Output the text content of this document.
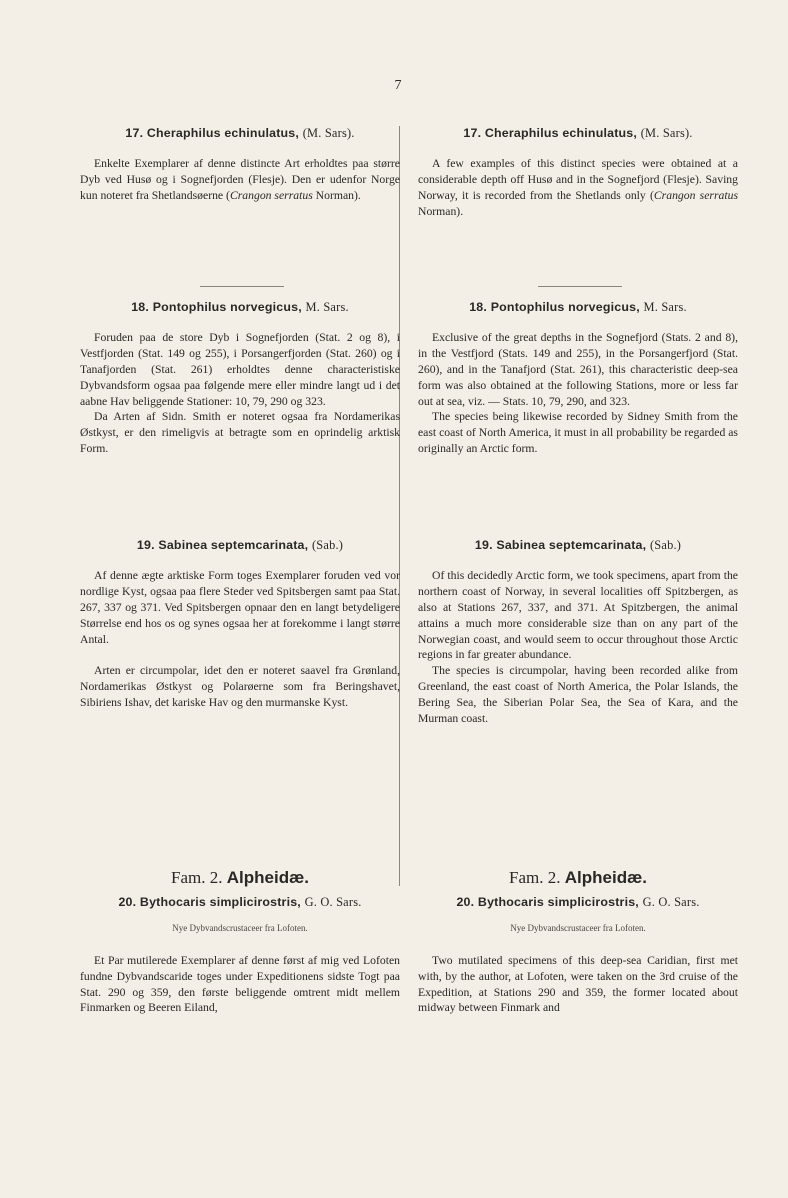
7
17. Cheraphilus echinulatus, (M. Sars).

Enkelte Exemplarer af denne distincte Art erholdtes paa større Dyb ved Husø og i Sognefjorden (Flesje). Den er udenfor Norge kun noteret fra Shetlandsøerne (Crangon serratus Norman).

18. Pontophilus norvegicus, M. Sars.

Foruden paa de store Dyb i Sognefjorden (Stat. 2 og 8), i Vestfjorden (Stat. 149 og 255), i Porsangerfjorden (Stat. 260) og i Tanafjorden (Stat. 261) erholdtes denne characteristiske Dybvandsform ogsaa paa følgende mere eller mindre langt ud i det aabne Hav beliggende Stationer: 10, 79, 290 og 323.

Da Arten af Sidn. Smith er noteret ogsaa fra Nordamerikas Østkyst, er den rimeligvis at betragte som en oprindelig arktisk Form.

19. Sabinea septemcarinata, (Sab.)

Af denne ægte arktiske Form toges Exemplarer foruden ved vor nordlige Kyst, ogsaa paa flere Steder ved Spitsbergen samt paa Stat. 267, 337 og 371. Ved Spitsbergen opnaar den en langt betydeligere Størrelse end hos os og synes ogsaa her at forekomme i langt større Antal.

Arten er circumpolar, idet den er noteret saavel fra Grønland, Nordamerikas Østkyst og Polarøerne som fra Beringshavet, Sibiriens Ishav, det kariske Hav og den murmanske Kyst.

Fam. 2. Alpheidæ.
20. Bythocaris simplicirostris, G. O. Sars.
Nye Dybvandscrustaceer fra Lofoten.

Et Par mutilerede Exemplarer af denne først af mig ved Lofoten fundne Dybvandscaride toges under Expeditionens sidste Togt paa Stat. 290 og 359, den første beliggende omtrent midt mellem Finmarken og Beeren Eiland,

17. Cheraphilus echinulatus, (M. Sars).

A few examples of this distinct species were obtained at a considerable depth off Husø and in the Sognefjord (Flesje). Saving Norway, it is recorded from the Shetlands only (Crangon serratus Norman).

18. Pontophilus norvegicus, M. Sars.

Exclusive of the great depths in the Sognefjord (Stats. 2 and 8), in the Vestfjord (Stats. 149 and 255), in the Porsangerfjord (Stat. 260), and in the Tanafjord (Stat. 261), this characteristic deep-sea form was also obtained at the following Stations, more or less far out at sea, viz. — Stats. 10, 79, 290, and 323.

The species being likewise recorded by Sidney Smith from the east coast of North America, it must in all probability be regarded as originally an Arctic form.

19. Sabinea septemcarinata, (Sab.)

Of this decidedly Arctic form, we took specimens, apart from the northern coast of Norway, in several localities off Spitzbergen, as also at Stations 267, 337, and 371. At Spitzbergen, the animal attains a much more considerable size than on any part of the Norwegian coast, and would seem to occur throughout those Arctic regions in far greater abundance.

The species is circumpolar, having been recorded alike from Greenland, the east coast of North America, the Polar Islands, the Bering Sea, the Siberian Polar Sea, the Sea of Kara, and the Murman coast.

Fam. 2. Alpheidæ.
20. Bythocaris simplicirostris, G. O. Sars.
Nye Dybvandscrustaceer fra Lofoten.

Two mutilated specimens of this deep-sea Caridian, first met with, by the author, at Lofoten, were taken on the 3rd cruise of the Expedition, at Stations 290 and 359, the former located about midway between Finmark and
